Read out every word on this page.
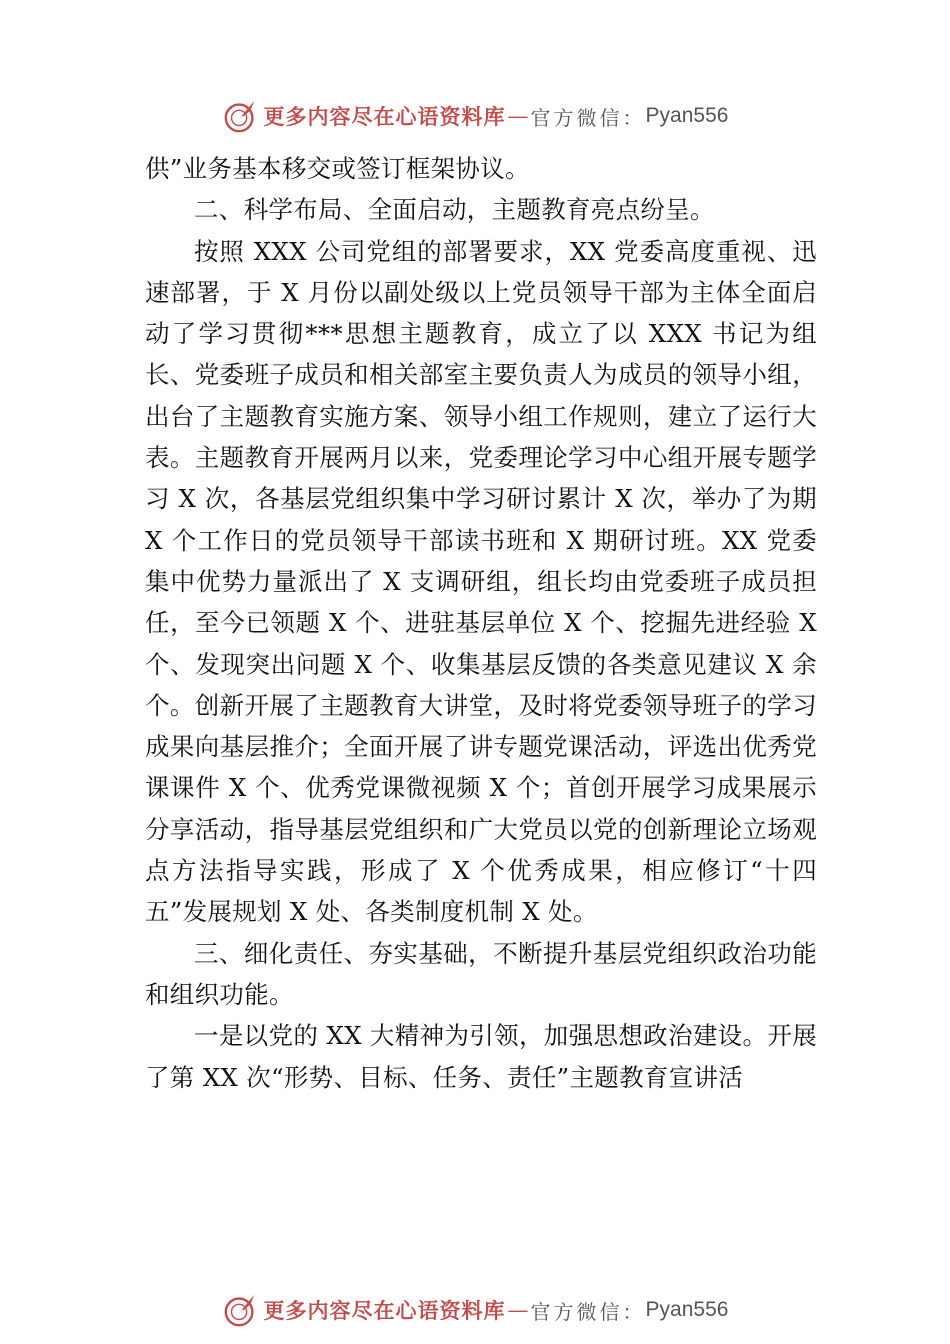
更多内容尽在心语资料库 — 官方微信： Pyan556

供”业务基本移交或签订框架协议。

二、科学布局、全面启动，主题教育亮点纷呈。

按照 XXX 公司党组的部署要求，XX 党委高度重视、迅速部署，于 X 月份以副处级以上党员领导干部为主体全面启动了学习贯彻***思想主题教育，成立了以 XXX 书记为组长、党委班子成员和相关部室主要负责人为成员的领导小组，出台了主题教育实施方案、领导小组工作规则，建立了运行大表。主题教育开展两月以来，党委理论学习中心组开展专题学习 X 次，各基层党组织集中学习研讨累计 X 次，举办了为期 X 个工作日的党员领导干部读书班和 X 期研讨班。XX 党委集中优势力量派出了 X 支调研组，组长均由党委班子成员担任，至今已领题 X 个、进驻基层单位 X 个、挖掘先进经验 X 个、发现突出问题 X 个、收集基层反馈的各类意见建议 X 余个。创新开展了主题教育大讲堂，及时将党委领导班子的学习成果向基层推介；全面开展了讲专题党课活动，评选出优秀党课课件 X 个、优秀党课微视频 X 个；首创开展学习成果展示分享活动，指导基层党组织和广大党员以党的创新理论立场观点方法指导实践，形成了 X 个优秀成果，相应修订“十四五”发展规划 X 处、各类制度机制 X 处。

三、细化责任、夯实基础，不断提升基层党组织政治功能和组织功能。

一是以党的 XX 大精神为引领，加强思想政治建设。开展了第 XX 次“形势、目标、任务、责任”主题教育宣讲活

更多内容尽在心语资料库 — 官方微信： Pyan556
